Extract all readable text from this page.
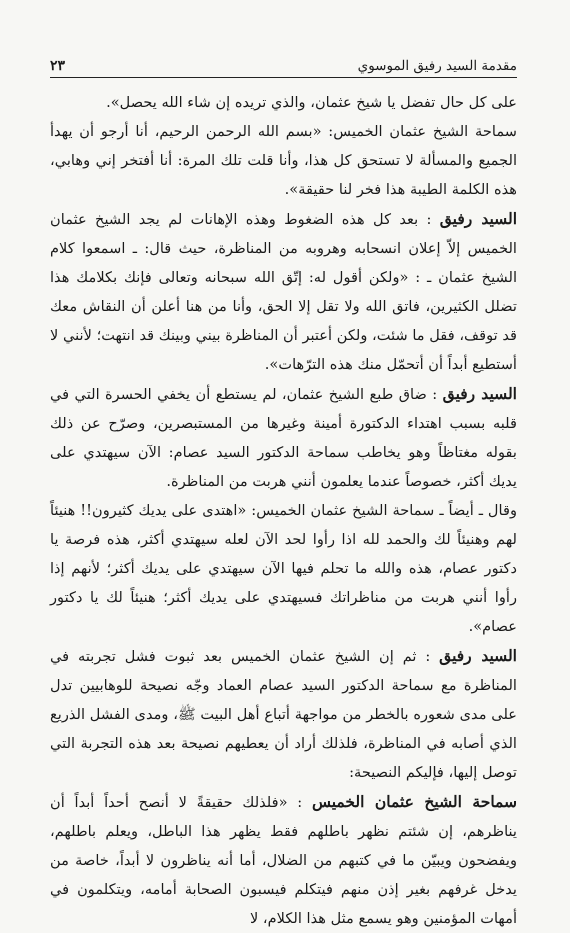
٢٣	مقدمة السيد رفيق الموسوي

على كل حال تفضل يا شيخ عثمان، والذي تريده إن شاء الله يحصل».

سماحة الشيخ عثمان الخميس: «بسم الله الرحمن الرحيم، أنا أرجو أن يهدأ الجميع والمسألة لا تستحق كل هذا، وأنا قلت تلك المرة: أنا أفتخر إني وهابي، هذه الكلمة الطيبة هذا فخر لنا حقيقة».

السيد رفيق : بعد كل هذه الضغوط وهذه الإهانات لم يجد الشيخ عثمان الخميس إلاّ إعلان انسحابه وهروبه من المناظرة، حيث قال: ـ اسمعوا كلام الشيخ عثمان ـ : «ولكن أقول له: إتّق الله سبحانه وتعالى فإنك بكلامك هذا تضلل الكثيرين، فاتق الله ولا تقل إلا الحق، وأنا من هنا أعلن أن النقاش معك قد توقف، فقل ما شئت، ولكن أعتبر أن المناظرة بيني وبينك قد انتهت؛ لأنني لا أستطيع أبداً أن أتحمّل منك هذه الترّهات».

السيد رفيق : ضاق طبع الشيخ عثمان، لم يستطع أن يخفي الحسرة التي في قلبه بسبب اهتداء الدكتورة أمينة وغيرها من المستبصرين، وصرّح عن ذلك بقوله مغتاظاً وهو يخاطب سماحة الدكتور السيد عصام: الآن سيهتدي على يديك أكثر، خصوصاً عندما يعلمون أنني هربت من المناظرة.

وقال ـ أيضاً ـ سماحة الشيخ عثمان الخميس: «اهتدى على يديك كثيرون!! هنيئاً لهم وهنيئاً لك والحمد لله اذا رأوا لحد الآن لعله سيهتدي أكثر، هذه فرصة يا دكتور عصام، هذه والله ما تحلم فيها الآن سيهتدي على يديك أكثر؛ لأنهم إذا رأوا أنني هربت من مناظراتك فسيهتدي على يديك أكثر؛ هنيئاً لك يا دكتور عصام».

السيد رفيق : ثم إن الشيخ عثمان الخميس بعد ثبوت فشل تجربته في المناظرة مع سماحة الدكتور السيد عصام العماد وجّه نصيحة للوهابيين تدل على مدى شعوره بالخطر من مواجهة أتباع أهل البيت ﷺ، ومدى الفشل الذريع الذي أصابه في المناظرة، فلذلك أراد أن يعطيهم نصيحة بعد هذه التجربة التي توصل إليها، فإليكم النصيحة:

سماحة الشيخ عثمان الخميس : «فلذلك حقيقةً لا أنصح أحداً أبداً أن يناظرهم، إن شئتم نظهر باطلهم فقط يظهر هذا الباطل، ويعلم باطلهم، ويفضحون ويبيّن ما في كتبهم من الضلال، أما أنه يناظرون لا أبداً، خاصة من يدخل غرفهم بغير إذن منهم فيتكلم فيسبون الصحابة أمامه، ويتكلمون في أمهات المؤمنين وهو يسمع مثل هذا الكلام، لا
